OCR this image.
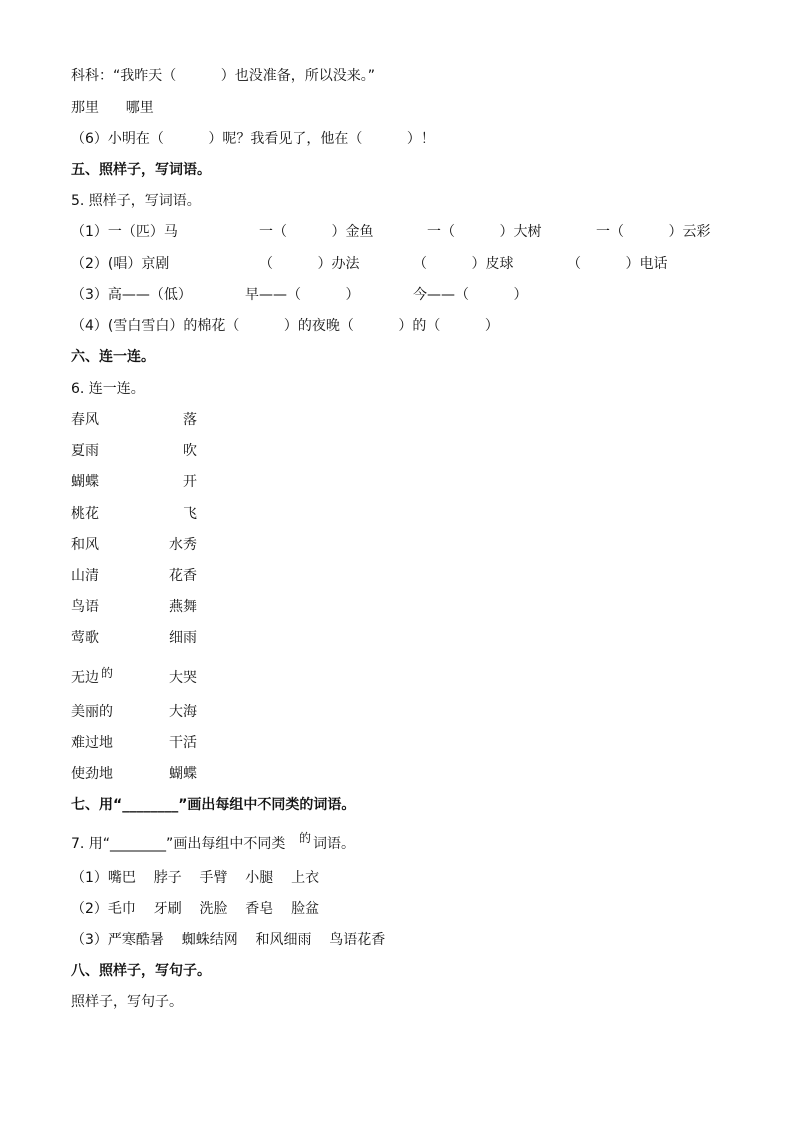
科科：“我昨天（          ）也没准备，所以没来。”
那里      哪里
（6）小明在（          ）呢？我看见了，他在（          ）！
五、照样子，写词语。
5. 照样子，写词语。
（1）一（匹）马	一（          ）金鱼	一（          ）大树	一（          ）云彩
（2）(唱）京剧	（          ）办法	（          ）皮球	（          ）电话
（3）高——（低）	早——（          ）	今——（          ）
（4）(雪白雪白）的棉花（          ）的夜晚（          ）的（          ）
六、连一连。
6. 连一连。
春风	落
夏雨	吹
蝴蝶	开
桃花	飞
和风	水秀
山清	花香
鸟语	燕舞
莺歌	细雨
无边 的	大哭
美丽的	大海
难过地	干活
使劲地	蝴蝶
七、用“________”画出每组中不同类的词语。
7. 用“________”画出每组中不同类 的 词语。
（1）嘴巴    脖子    手臂    小腿    上衣
（2）毛巾    牙刷    洗脸    香皂    脸盆
（3）严寒酷暑    蜘蛛结网    和风细雨    鸟语花香
八、照样子，写句子。
照样子，写句子。
